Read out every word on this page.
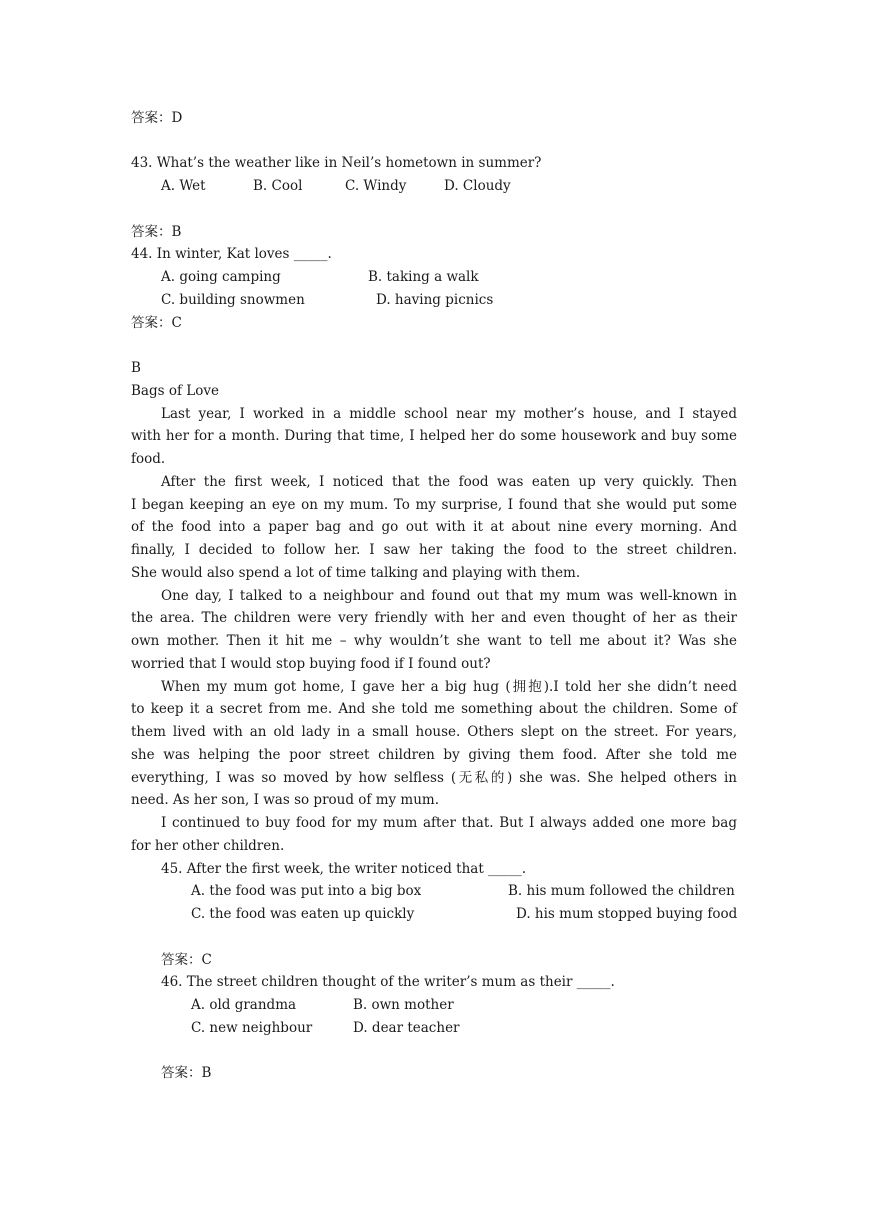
答案：D
43. What’s the weather like in Neil’s hometown in summer?
A. Wet	B. Cool	C. Windy	D. Cloudy
答案：B
44. In winter, Kat loves _____.
A. going camping	B. taking a walk
C. building snowmen	D. having picnics
答案：C
B
Bags of Love
Last year, I worked in a middle school near my mother’s house, and I stayed
with her for a month. During that time, I helped her do some housework and buy some
food.
After the first week, I noticed that the food was eaten up very quickly. Then
I began keeping an eye on my mum. To my surprise, I found that she would put some
of the food into a paper bag and go out with it at about nine every morning. And
finally, I decided to follow her. I saw her taking the food to the street children.
She would also spend a lot of time talking and playing with them.
One day, I talked to a neighbour and found out that my mum was well-known in
the area. The children were very friendly with her and even thought of her as their
own mother. Then it hit me – why wouldn’t she want to tell me about it? Was she
worried that I would stop buying food if I found out?
When my mum got home, I gave her a big hug (拥抱).I told her she didn’t need
to keep it a secret from me. And she told me something about the children. Some of
them lived with an old lady in a small house. Others slept on the street. For years,
she was helping the poor street children by giving them food. After she told me
everything, I was so moved by how selfless (无私的) she was. She helped others in
need. As her son, I was so proud of my mum.
I continued to buy food for my mum after that. But I always added one more bag
for her other children.
45. After the first week, the writer noticed that _____.
A. the food was put into a big box	B. his mum followed the children
C. the food was eaten up quickly	D. his mum stopped buying food
答案：C
46. The street children thought of the writer’s mum as their _____.
A. old grandma	B. own mother
C. new neighbour	D. dear teacher
答案：B
